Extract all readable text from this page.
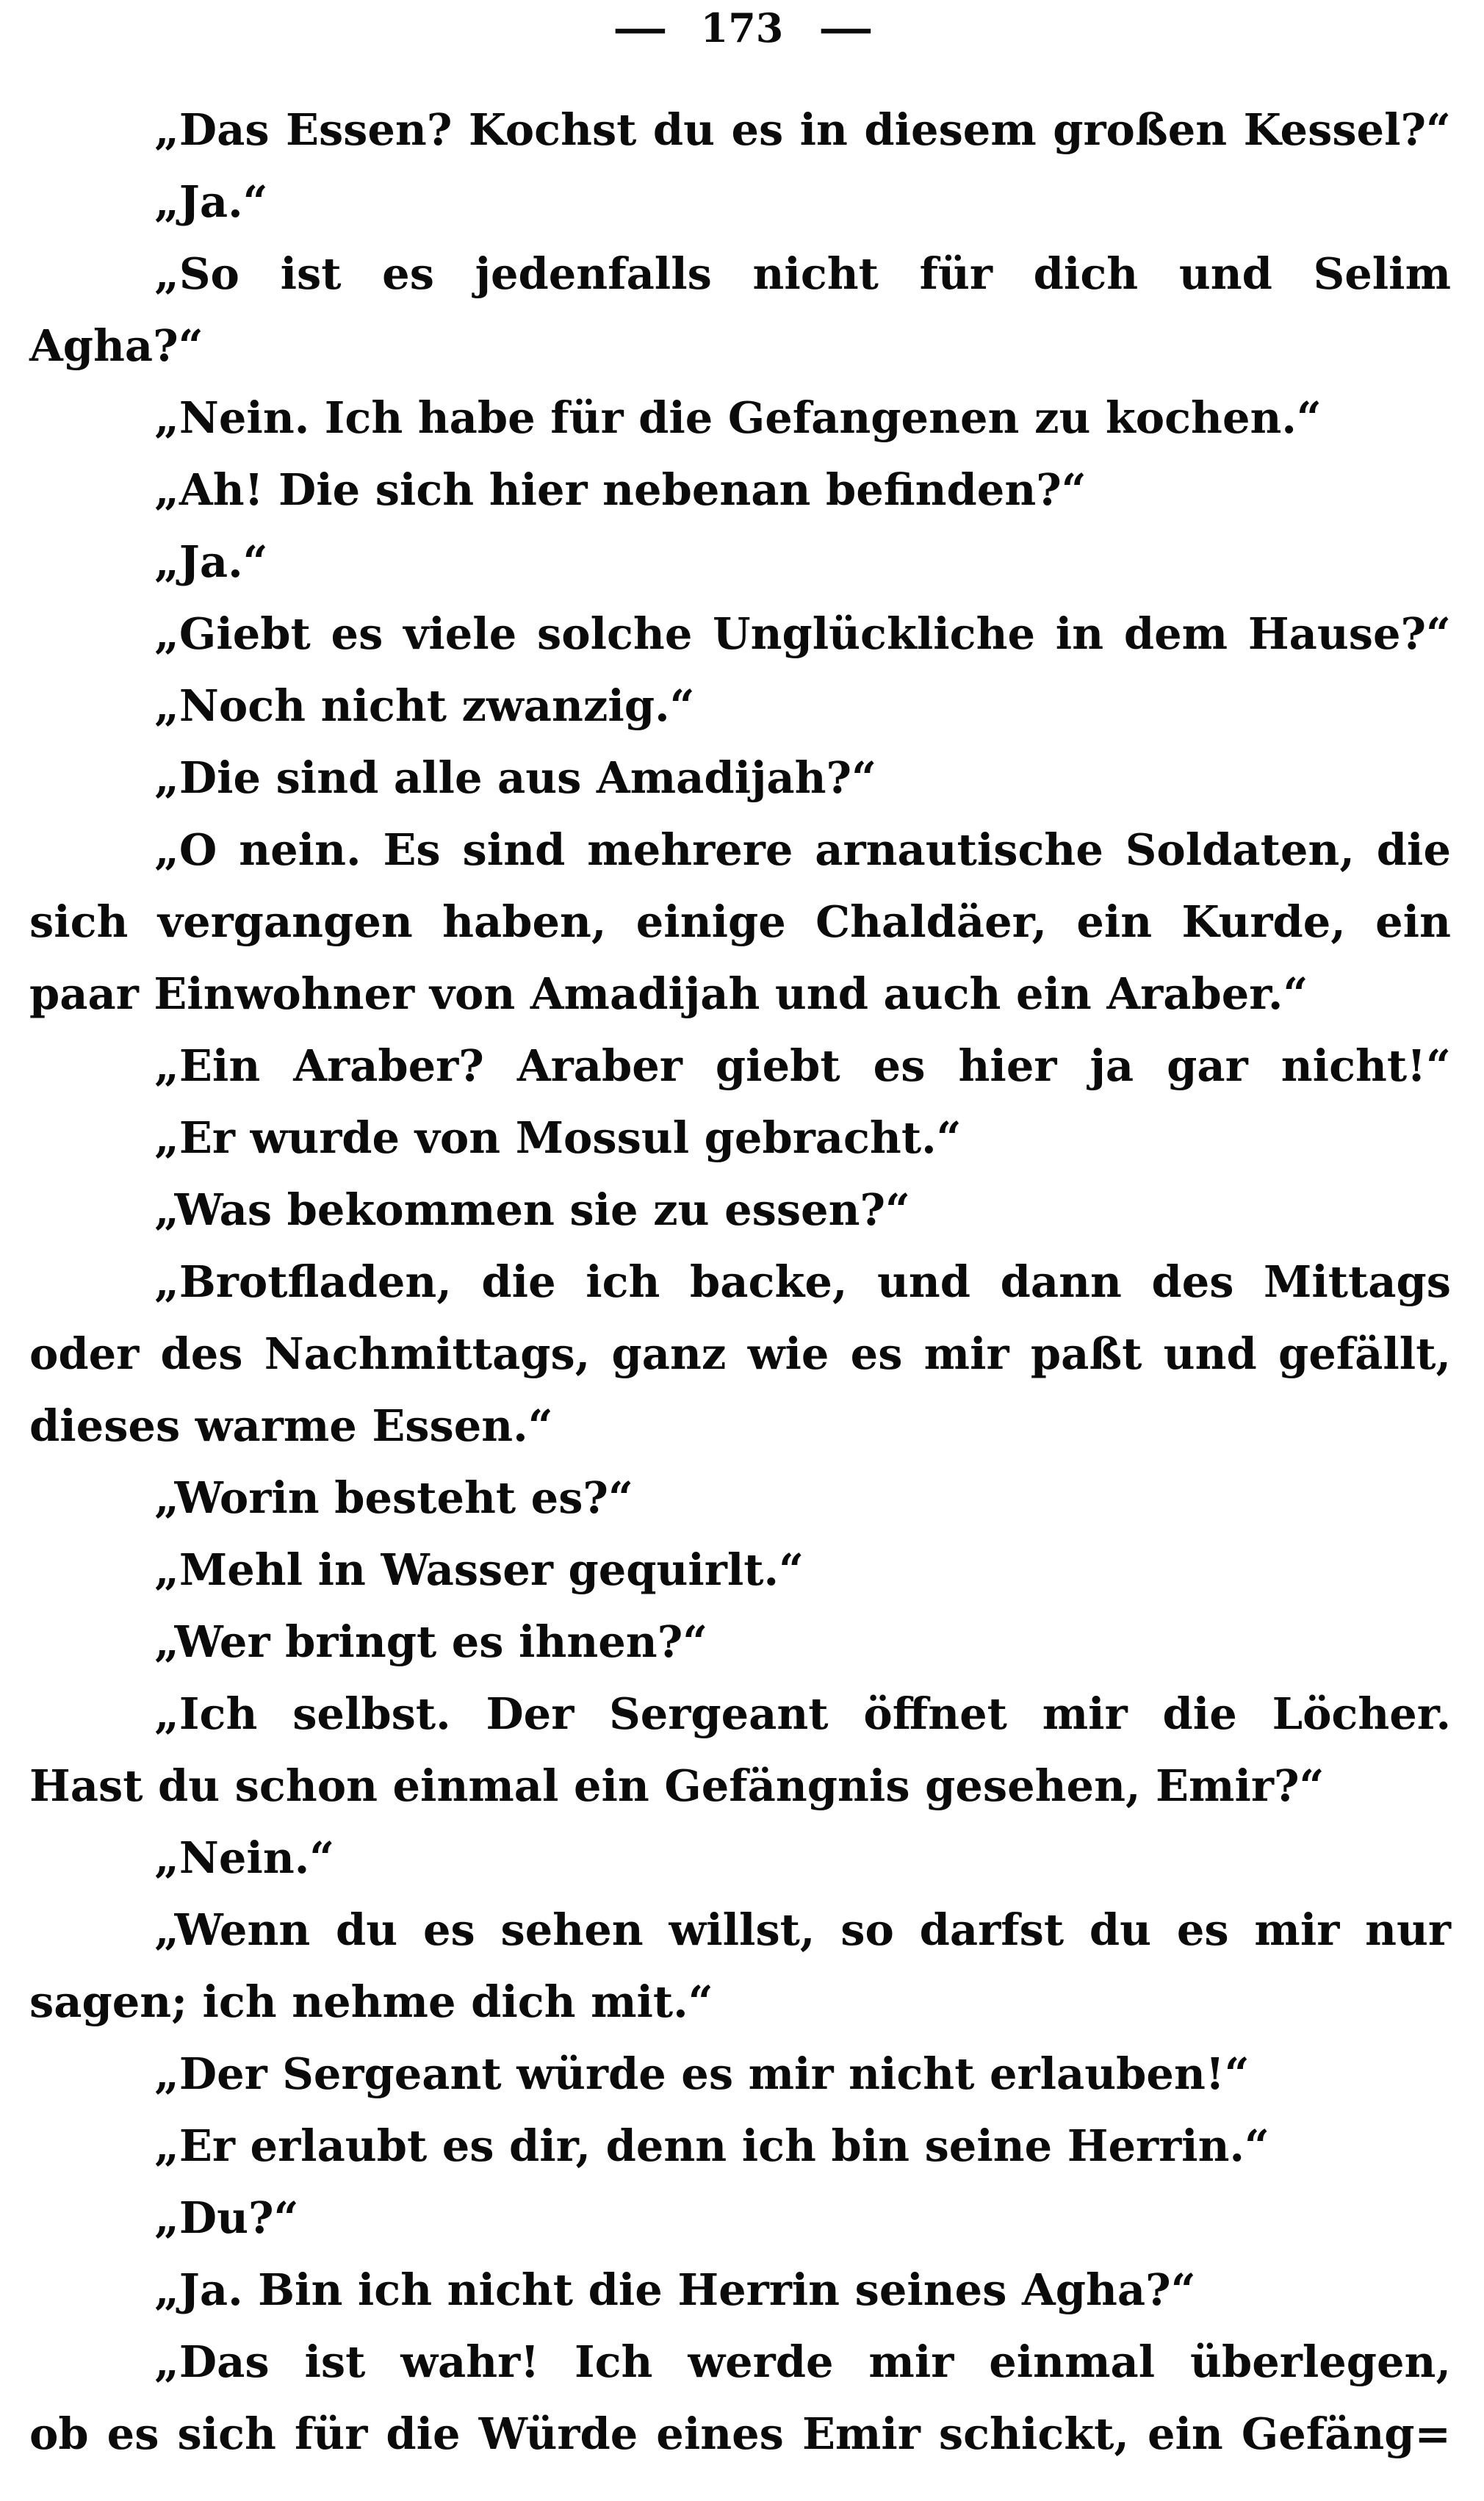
— 173 —
„Das Essen? Kochst du es in diesem großen Kessel?“
„Ja.“
„So ist es jedenfalls nicht für dich und Selim
Agha?“
„Nein. Ich habe für die Gefangenen zu kochen.“
„Ah! Die sich hier nebenan befinden?“
„Ja.“
„Giebt es viele solche Unglückliche in dem Hause?“
„Noch nicht zwanzig.“
„Die sind alle aus Amadijah?“
„O nein. Es sind mehrere arnautische Soldaten, die
sich vergangen haben, einige Chaldäer, ein Kurde, ein
paar Einwohner von Amadijah und auch ein Araber.“
„Ein Araber? Araber giebt es hier ja gar nicht!“
„Er wurde von Mossul gebracht.“
„Was bekommen sie zu essen?“
„Brotfladen, die ich backe, und dann des Mittags
oder des Nachmittags, ganz wie es mir paßt und gefällt,
dieses warme Essen.“
„Worin besteht es?“
„Mehl in Wasser gequirlt.“
„Wer bringt es ihnen?“
„Ich selbst. Der Sergeant öffnet mir die Löcher.
Hast du schon einmal ein Gefängnis gesehen, Emir?“
„Nein.“
„Wenn du es sehen willst, so darfst du es mir nur
sagen; ich nehme dich mit.“
„Der Sergeant würde es mir nicht erlauben!“
„Er erlaubt es dir, denn ich bin seine Herrin.“
„Du?“
„Ja. Bin ich nicht die Herrin seines Agha?“
„Das ist wahr! Ich werde mir einmal überlegen,
ob es sich für die Würde eines Emir schickt, ein Gefäng=
